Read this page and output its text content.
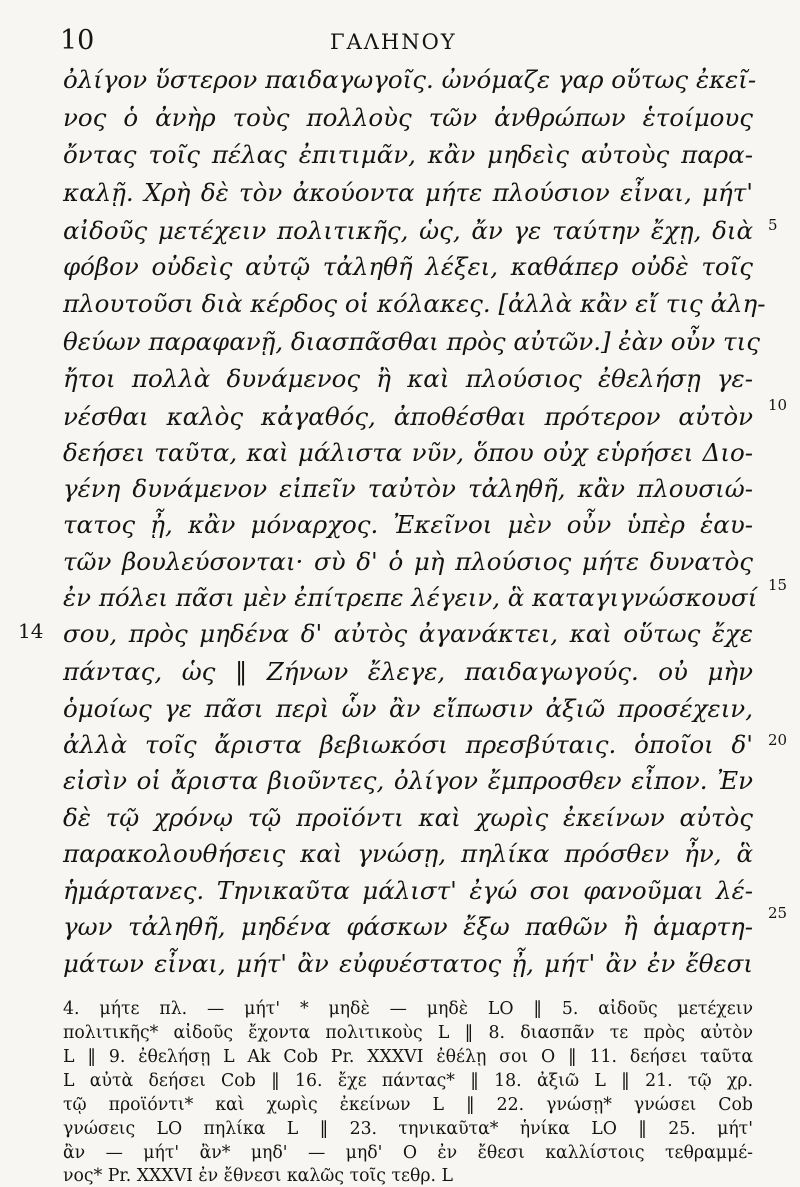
10	ΓΑΛΗΝΟΥ
ὀλίγον ὕστερον παιδαγωγοῖς. ὠνόμαζε γαρ οὕτως ἐκεῖ-
νος ὁ ἀνὴρ τοὺς πολλοὺς τῶν ἀνθρώπων ἑτοίμους
ὄντας τοῖς πέλας ἐπιτιμᾶν, κἂν μηδεὶς αὐτοὺς παρα-
καλῇ. Χρὴ δὲ τὸν ἀκούοντα μήτε πλούσιον εἶναι, μήτ'
αἰδοῦς μετέχειν πολιτικῆς, ὡς, ἄν γε ταύτην ἔχῃ, διὰ
φόβον οὐδεὶς αὐτῷ τἀληθῆ λέξει, καθάπερ οὐδὲ τοῖς
πλουτοῦσι διὰ κέρδος οἱ κόλακες. [ἀλλὰ κἂν εἴ τις ἀλη-
θεύων παραφανῇ, διασπᾶσθαι πρὸς αὐτῶν.] ἐὰν οὖν τις
ἤτοι πολλὰ δυνάμενος ἢ καὶ πλούσιος ἐθελήσῃ γε-
νέσθαι καλὸς κἀγαθός, ἀποθέσθαι πρότερον αὐτὸν
δεήσει ταῦτα, καὶ μάλιστα νῦν, ὅπου οὐχ εὑρήσει Διο-
γένη δυνάμενον εἰπεῖν ταὐτὸν τἀληθῆ, κἂν πλουσιώ-
τατος ᾖ, κἂν μόναρχος. Ἐκεῖνοι μὲν οὖν ὑπὲρ ἑαυ-
τῶν βουλεύσονται· σὺ δ' ὁ μὴ πλούσιος μήτε δυνατὸς
ἐν πόλει πᾶσι μὲν ἐπίτρεπε λέγειν, ἃ καταγιγνώσκουσί
σου, πρὸς μηδένα δ' αὐτὸς ἀγανάκτει, καὶ οὕτως ἔχε
πάντας, ὡς ‖ Ζήνων ἔλεγε, παιδαγωγούς. οὐ μὴν
ὁμοίως γε πᾶσι περὶ ὧν ἂν εἴπωσιν ἀξιῶ προσέχειν,
ἀλλὰ τοῖς ἄριστα βεβιωκόσι πρεσβύταις. ὁποῖοι δ'
εἰσὶν οἱ ἄριστα βιοῦντες, ὀλίγον ἔμπροσθεν εἶπον. Ἐν
δὲ τῷ χρόνῳ τῷ προϊόντι καὶ χωρὶς ἐκείνων αὐτὸς
παρακολουθήσεις καὶ γνώσῃ, πηλίκα πρόσθεν ἦν, ἃ
ἡμάρτανες. Τηνικαῦτα μάλιστ' ἐγώ σοι φανοῦμαι λέ-
γων τἀληθῆ, μηδένα φάσκων ἔξω παθῶν ἢ ἁμαρτη-
μάτων εἶναι, μήτ' ἂν εὐφυέστατος ᾖ, μήτ' ἂν ἐν ἔθεσι
14
5
10
15
20
25
4. μήτε πλ. — μήτ' * μηδὲ — μηδὲ LO ‖ 5. αἰδοῦς μετέχειν
πολιτικῆς* αἰδοῦς ἔχοντα πολιτικοὺς L ‖ 8. διασπᾶν τε πρὸς αὐτὸν
L ‖ 9. ἐθελήσῃ L Ak Cob Pr. XXXVI ἐθέλῃ σοι O ‖ 11. δεήσει ταῦτα
L αὐτὰ δεήσει Cob ‖ 16. ἔχε πάντας* ‖ 18. ἀξιῶ L ‖ 21. τῷ χρ.
τῷ προϊόντι* καὶ χωρὶς ἐκείνων L ‖ 22. γνώσῃ* γνώσει Cob
γνώσεις LO πηλίκα L ‖ 23. τηνικαῦτα* ἡνίκα LO ‖ 25. μήτ'
ἂν — μήτ' ἂν* μηδ' — μηδ' O ἐν ἔθεσι καλλίστοις τεθραμμέ-
νος* Pr. XXXVI ἐν ἔθνεσι καλῶς τοῖς τεθρ. L
